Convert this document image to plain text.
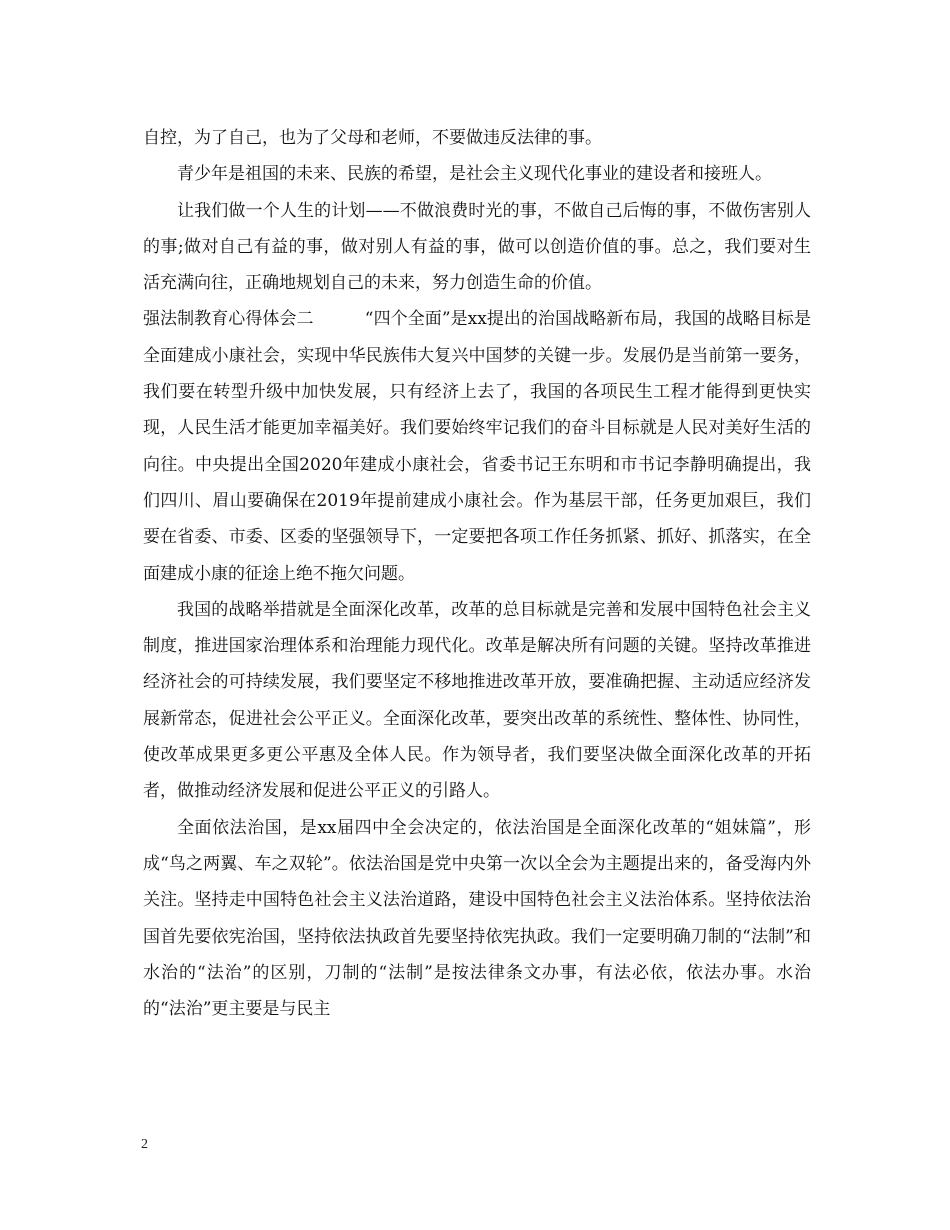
自控，为了自己，也为了父母和老师，不要做违反法律的事。

青少年是祖国的未来、民族的希望，是社会主义现代化事业的建设者和接班人。

让我们做一个人生的计划——不做浪费时光的事，不做自己后悔的事，不做伤害别人的事;做对自己有益的事，做对别人有益的事，做可以创造价值的事。总之，我们要对生活充满向往，正确地规划自己的未来，努力创造生命的价值。

强法制教育心得体会二　　　“四个全面”是xx提出的治国战略新布局，我国的战略目标是全面建成小康社会，实现中华民族伟大复兴中国梦的关键一步。发展仍是当前第一要务，我们要在转型升级中加快发展，只有经济上去了，我国的各项民生工程才能得到更快实现，人民生活才能更加幸福美好。我们要始终牢记我们的奋斗目标就是人民对美好生活的向往。中央提出全国2020年建成小康社会，省委书记王东明和市书记李静明确提出，我们四川、眉山要确保在2019年提前建成小康社会。作为基层干部，任务更加艰巨，我们要在省委、市委、区委的坚强领导下，一定要把各项工作任务抓紧、抓好、抓落实，在全面建成小康的征途上绝不拖欠问题。

我国的战略举措就是全面深化改革，改革的总目标就是完善和发展中国特色社会主义制度，推进国家治理体系和治理能力现代化。改革是解决所有问题的关键。坚持改革推进经济社会的可持续发展，我们要坚定不移地推进改革开放，要准确把握、主动适应经济发展新常态，促进社会公平正义。全面深化改革，要突出改革的系统性、整体性、协同性，使改革成果更多更公平惠及全体人民。作为领导者，我们要坚决做全面深化改革的开拓者，做推动经济发展和促进公平正义的引路人。

全面依法治国，是xx届四中全会决定的，依法治国是全面深化改革的“姐妹篇”，形成“鸟之两翼、车之双轮”。依法治国是党中央第一次以全会为主题提出来的，备受海内外关注。坚持走中国特色社会主义法治道路，建设中国特色社会主义法治体系。坚持依法治国首先要依宪治国，坚持依法执政首先要坚持依宪执政。我们一定要明确刀制的“法制”和水治的“法治”的区别，刀制的“法制”是按法律条文办事，有法必依，依法办事。水治的“法治”更主要是与民主

2
